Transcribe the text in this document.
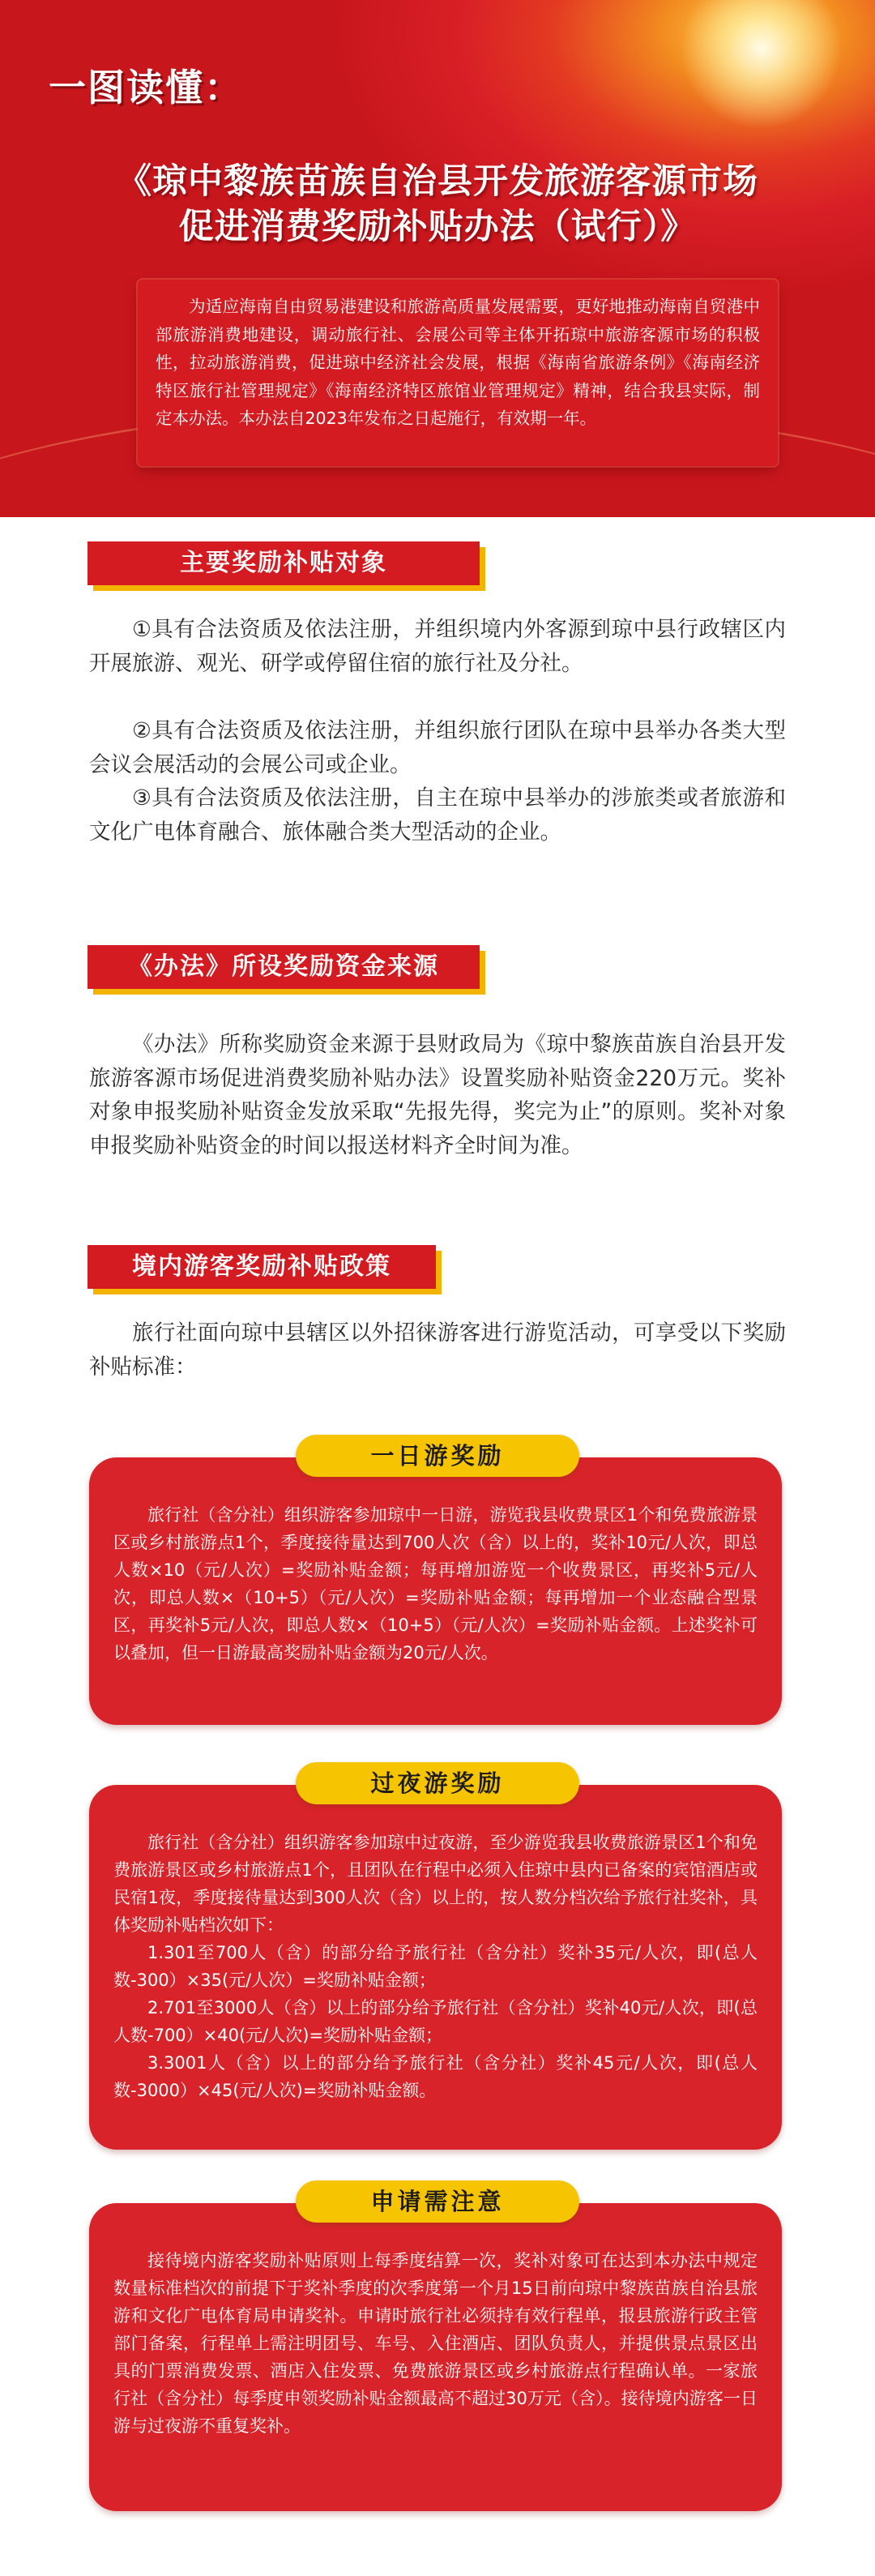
一图读懂：
《琼中黎族苗族自治县开发旅游客源市场
促进消费奖励补贴办法（试行）》
为适应海南自由贸易港建设和旅游高质量发展需要，更好地推动海南自贸港中部旅游消费地建设，调动旅行社、会展公司等主体开拓琼中旅游客源市场的积极性，拉动旅游消费，促进琼中经济社会发展，根据《海南省旅游条例》《海南经济特区旅行社管理规定》《海南经济特区旅馆业管理规定》精神，结合我县实际，制定本办法。本办法自2023年发布之日起施行，有效期一年。
主要奖励补贴对象
①具有合法资质及依法注册，并组织境内外客源到琼中县行政辖区内开展旅游、观光、研学或停留住宿的旅行社及分社。
②具有合法资质及依法注册，并组织旅行团队在琼中县举办各类大型会议会展活动的会展公司或企业。
③具有合法资质及依法注册，自主在琼中县举办的涉旅类或者旅游和文化广电体育融合、旅体融合类大型活动的企业。
《办法》所设奖励资金来源
《办法》所称奖励资金来源于县财政局为《琼中黎族苗族自治县开发旅游客源市场促进消费奖励补贴办法》设置奖励补贴资金220万元。奖补对象申报奖励补贴资金发放采取“先报先得，奖完为止”的原则。奖补对象申报奖励补贴资金的时间以报送材料齐全时间为准。
境内游客奖励补贴政策
旅行社面向琼中县辖区以外招徕游客进行游览活动，可享受以下奖励补贴标准：
旅行社（含分社）组织游客参加琼中一日游，游览我县收费景区1个和免费旅游景区或乡村旅游点1个，季度接待量达到700人次（含）以上的，奖补10元/人次，即总人数×10（元/人次）=奖励补贴金额；每再增加游览一个收费景区，再奖补5元/人次，即总人数×（10+5）（元/人次）=奖励补贴金额；每再增加一个业态融合型景区，再奖补5元/人次，即总人数×（10+5）（元/人次）=奖励补贴金额。上述奖补可以叠加，但一日游最高奖励补贴金额为20元/人次。
一日游奖励
旅行社（含分社）组织游客参加琼中过夜游，至少游览我县收费旅游景区1个和免费旅游景区或乡村旅游点1个，且团队在行程中必须入住琼中县内已备案的宾馆酒店或民宿1夜，季度接待量达到300人次（含）以上的，按人数分档次给予旅行社奖补，具体奖励补贴档次如下：
1.301至700人（含）的部分给予旅行社（含分社）奖补35元/人次，即(总人数-300）×35(元/人次）=奖励补贴金额；
2.701至3000人（含）以上的部分给予旅行社（含分社）奖补40元/人次，即(总人数-700）×40(元/人次)=奖励补贴金额；
3.3001人（含）以上的部分给予旅行社（含分社）奖补45元/人次，即(总人数-3000）×45(元/人次)=奖励补贴金额。
过夜游奖励
接待境内游客奖励补贴原则上每季度结算一次，奖补对象可在达到本办法中规定数量标准档次的前提下于奖补季度的次季度第一个月15日前向琼中黎族苗族自治县旅游和文化广电体育局申请奖补。申请时旅行社必须持有效行程单，报县旅游行政主管部门备案，行程单上需注明团号、车号、入住酒店、团队负责人，并提供景点景区出具的门票消费发票、酒店入住发票、免费旅游景区或乡村旅游点行程确认单。一家旅行社（含分社）每季度申领奖励补贴金额最高不超过30万元（含）。接待境内游客一日游与过夜游不重复奖补。
申请需注意
